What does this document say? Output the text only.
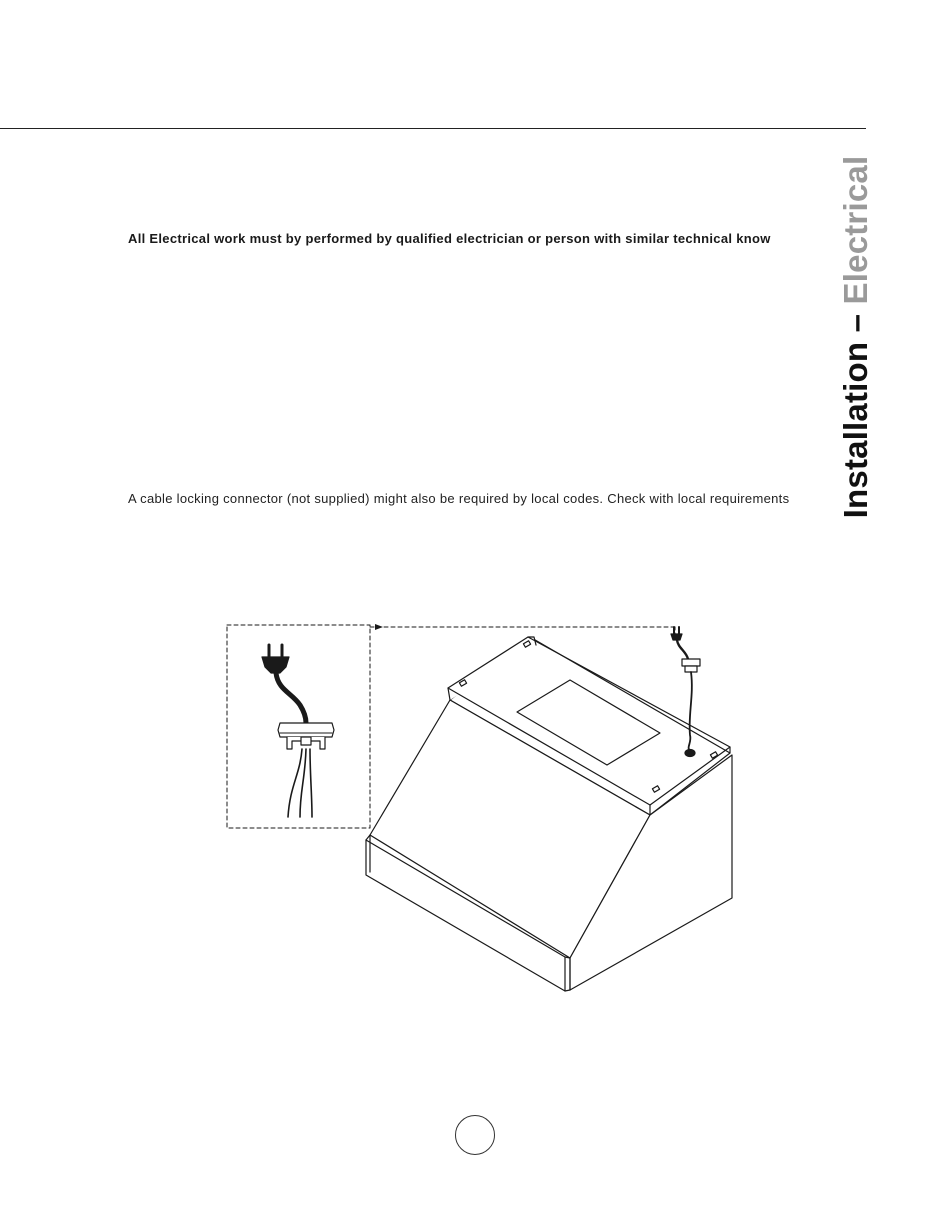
Installation – Electrical
All Electrical work must by performed by qualified electrician or person with similar technical know
A cable locking connector (not supplied) might also be required by local codes. Check with local requirements
